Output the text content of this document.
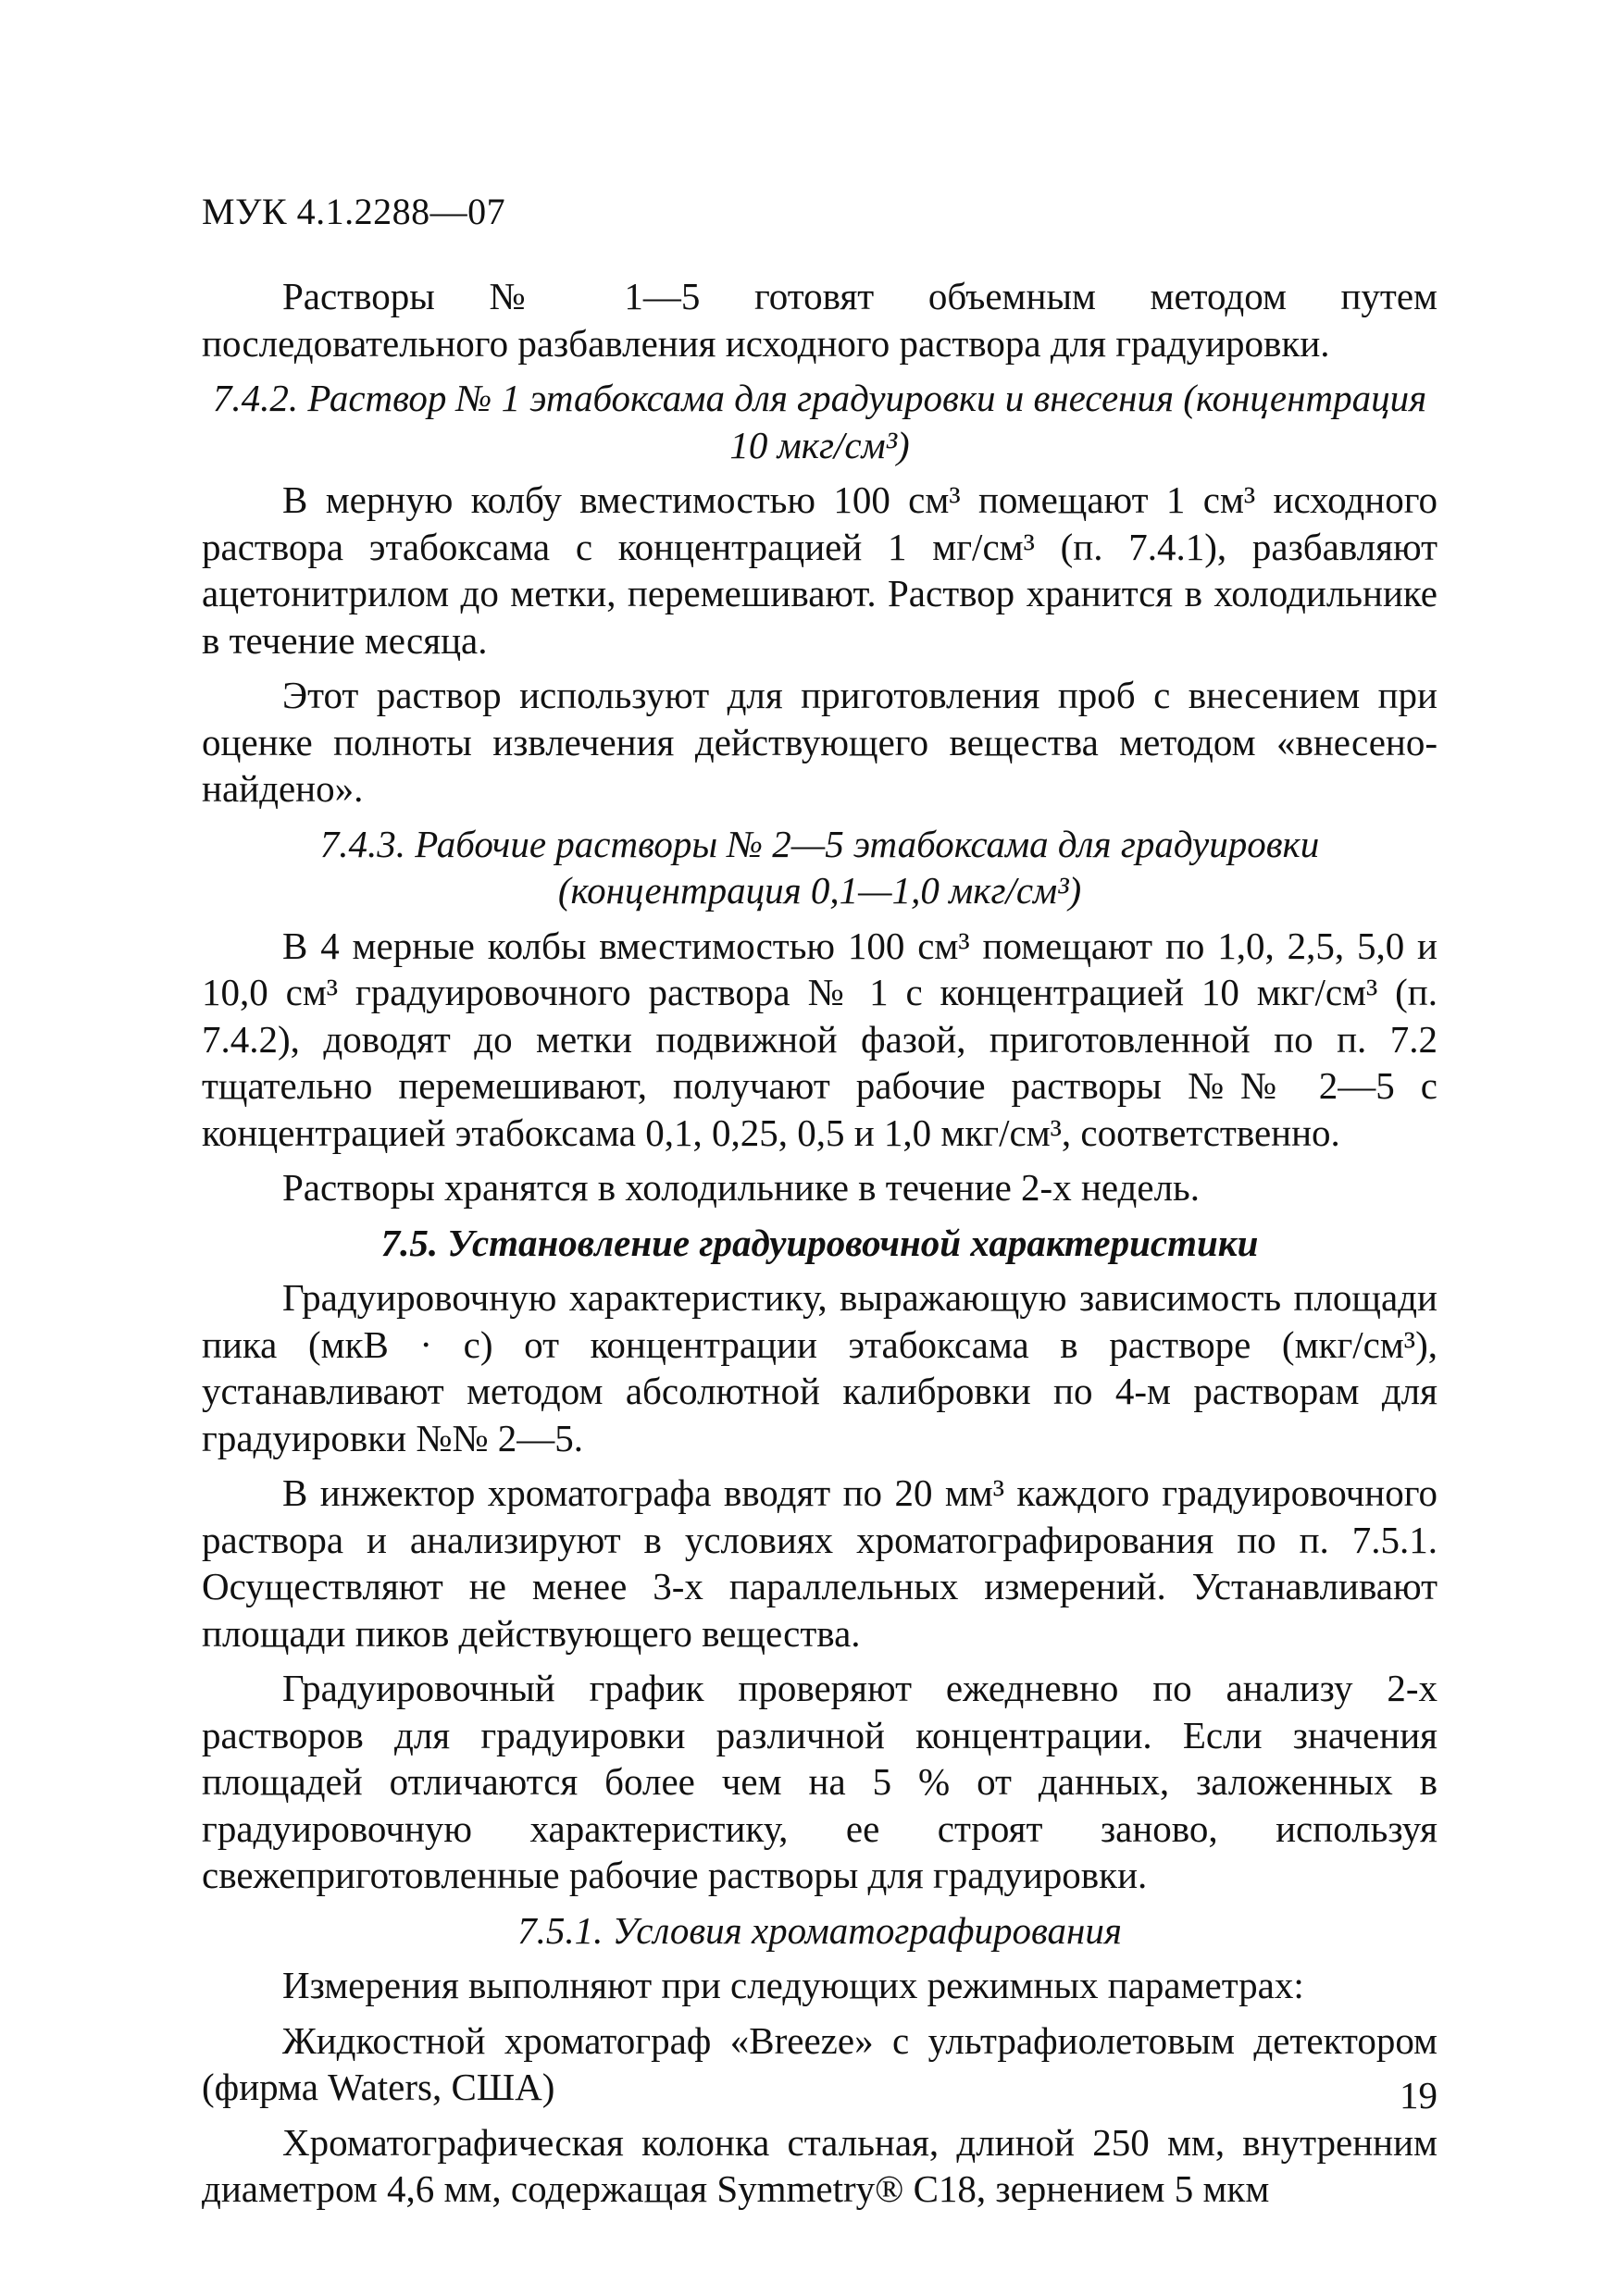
МУК 4.1.2288—07

Растворы № 1—5 готовят объемным методом путем последовательного разбавления исходного раствора для градуировки.

7.4.2. Раствор № 1 этабоксама для градуировки и внесения (концентрация 10 мкг/см³)

В мерную колбу вместимостью 100 см³ помещают 1 см³ исходного раствора этабоксама с концентрацией 1 мг/см³ (п. 7.4.1), разбавляют ацетонитрилом до метки, перемешивают. Раствор хранится в холодильнике в течение месяца.

Этот раствор используют для приготовления проб с внесением при оценке полноты извлечения действующего вещества методом «внесено-найдено».

7.4.3. Рабочие растворы № 2—5 этабоксама для градуировки (концентрация 0,1—1,0 мкг/см³)

В 4 мерные колбы вместимостью 100 см³ помещают по 1,0, 2,5, 5,0 и 10,0 см³ градуировочного раствора № 1 с концентрацией 10 мкг/см³ (п. 7.4.2), доводят до метки подвижной фазой, приготовленной по п. 7.2 тщательно перемешивают, получают рабочие растворы №№ 2—5 с концентрацией этабоксама 0,1, 0,25, 0,5 и 1,0 мкг/см³, соответственно.

Растворы хранятся в холодильнике в течение 2-х недель.

7.5. Установление градуировочной характеристики

Градуировочную характеристику, выражающую зависимость площади пика (мкВ · с) от концентрации этабоксама в растворе (мкг/см³), устанавливают методом абсолютной калибровки по 4-м растворам для градуировки №№ 2—5.

В инжектор хроматографа вводят по 20 мм³ каждого градуировочного раствора и анализируют в условиях хроматографирования по п. 7.5.1. Осуществляют не менее 3-х параллельных измерений. Устанавливают площади пиков действующего вещества.

Градуировочный график проверяют ежедневно по анализу 2-х растворов для градуировки различной концентрации. Если значения площадей отличаются более чем на 5 % от данных, заложенных в градуировочную характеристику, ее строят заново, используя свежеприготовленные рабочие растворы для градуировки.

7.5.1. Условия хроматографирования

Измерения выполняют при следующих режимных параметрах:

Жидкостной хроматограф «Breeze» с ультрафиолетовым детектором (фирма Waters, США)

Хроматографическая колонка стальная, длиной 250 мм, внутренним диаметром 4,6 мм, содержащая Symmetry® C18, зернением 5 мкм

19
